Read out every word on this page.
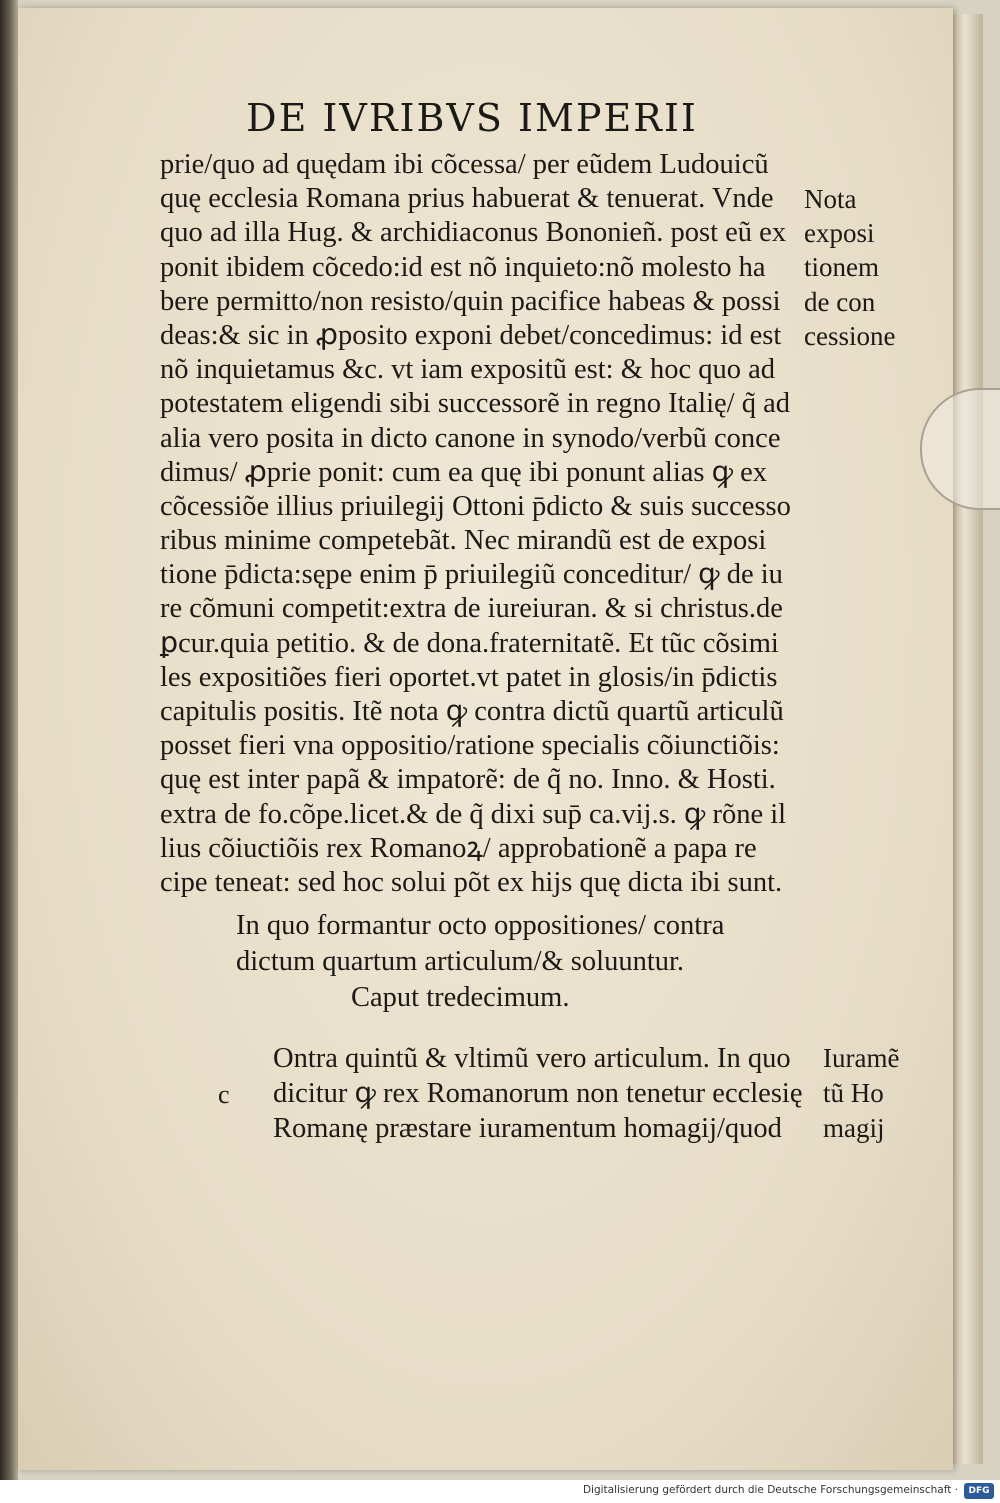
DE IVRIBVS IMPERII
prie/quo ad quędam ibi cõcessa/ per eũdem Ludouicũ
quę ecclesia Romana prius habuerat & tenuerat. Vnde
quo ad illa Hug. & archidiaconus Bononieñ. post eũ ex
ponit ibidem cõcedo:id est nõ inquieto:nõ molesto ha
bere permitto/non resisto/quin pacifice habeas & possi
deas:& sic in ꝓposito exponi debet/concedimus: id est
nõ inquietamus &c. vt iam expositũ est: & hoc quo ad
potestatem eligendi sibi successorẽ in regno Italię/ q̃ ad
alia vero posita in dicto canone in synodo/verbũ conce
dimus/ ꝓprie ponit: cum ea quę ibi ponunt alias ꝙ ex
cõcessiõe illius priuilegij Ottoni p̄dicto & suis successo
ribus minime competebãt. Nec mirandũ est de exposi
tione p̄dicta:sępe enim p̄ priuilegiũ conceditur/ ꝙ de iu
re cõmuni competit:extra de iureiuran. & si christus.de
ꝑcur.quia petitio. & de dona.fraternitatẽ. Et tũc cõsimi
les expositiões fieri oportet.vt patet in glosis/in p̄dictis
capitulis positis. Itẽ nota ꝙ contra dictũ quartũ articulũ
posset fieri vna oppositio/ratione specialis cõiunctiõis:
quę est inter papã & impatorẽ: de q̃ no. Inno. & Hosti.
extra de fo.cõpe.licet.& de q̃ dixi sup̄ ca.vij.s. ꝙ rõne il
lius cõiuctiõis rex Romanoꝝ/ approbationẽ a papa re
cipe teneat: sed hoc solui põt ex hijs quę dicta ibi sunt.
Nota
exposi
tionem
de con
cessione
In quo formantur octo oppositiones/ contra
dictum quartum articulum/& soluuntur.
Caput tredecimum.
c
Ontra quintũ & vltimũ vero articulum. In quo
dicitur ꝙ rex Romanorum non tenetur ecclesię
Romanę præstare iuramentum homagij/quod
Iuramẽ
tũ Ho
magij
Digitalisierung gefördert durch die Deutsche Forschungsgemeinschaft ·	DFG
